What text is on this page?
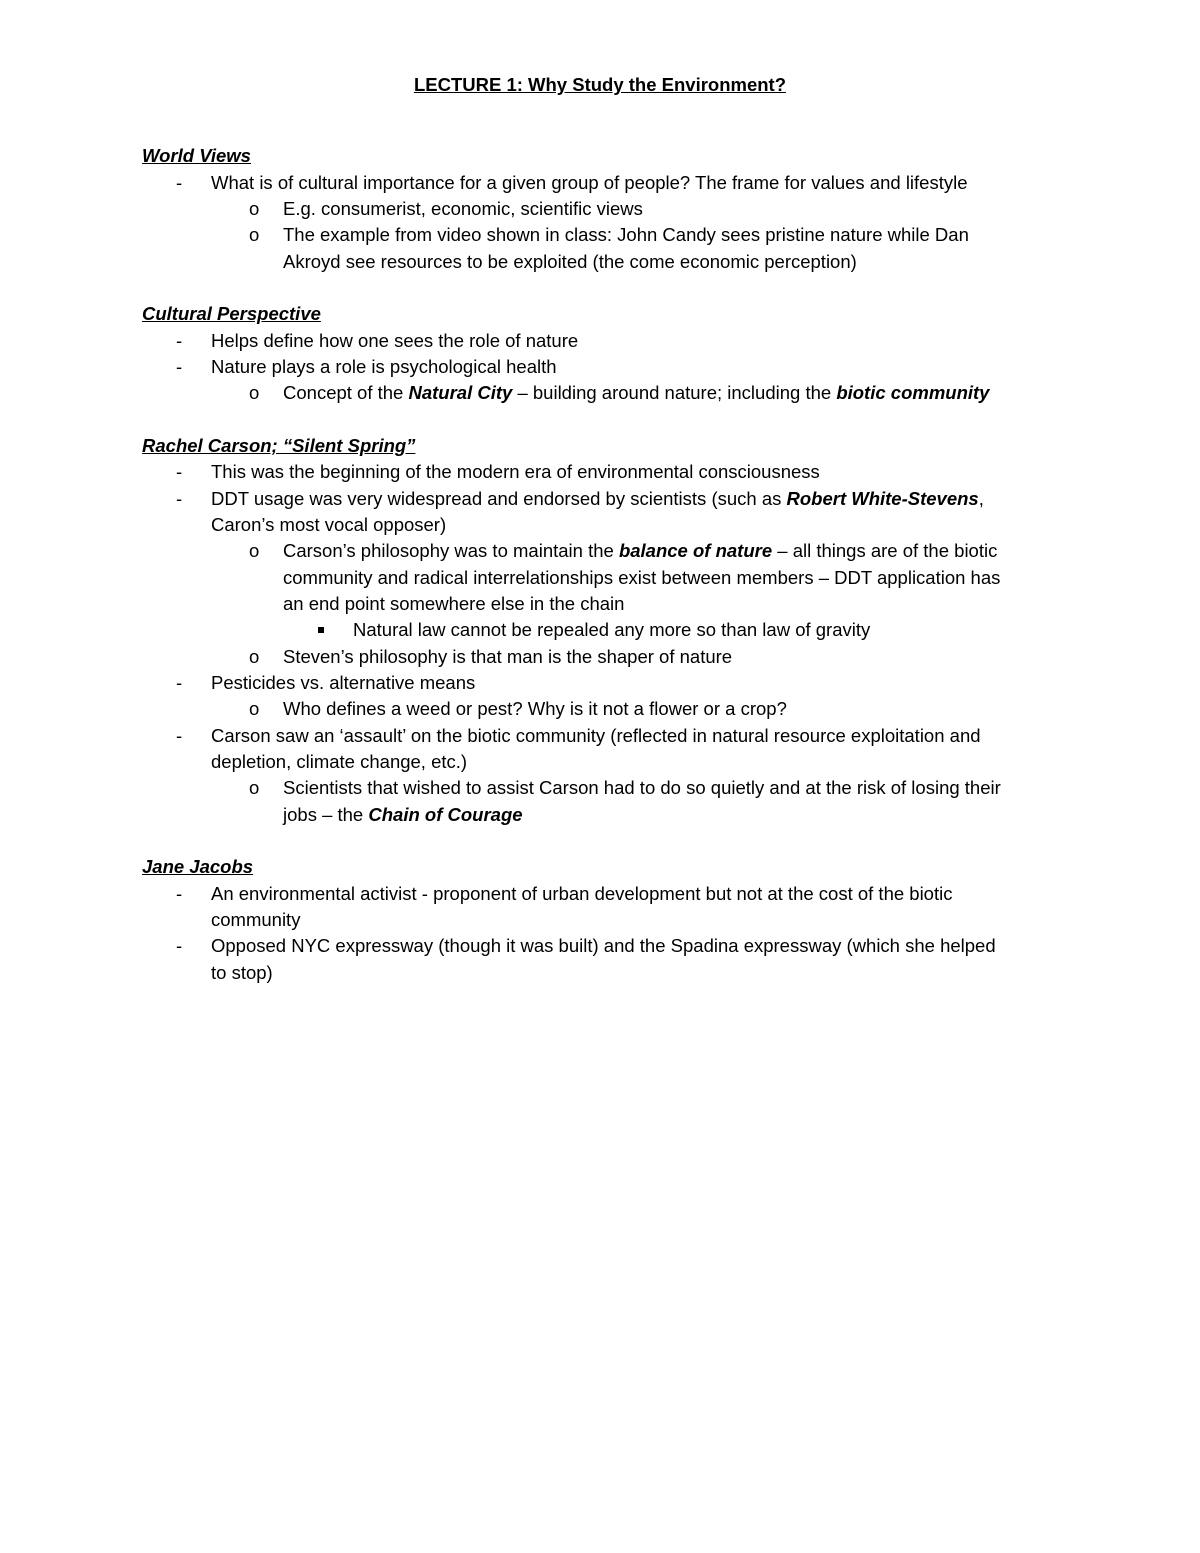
LECTURE 1: Why Study the Environment?
World Views
- What is of cultural importance for a given group of people? The frame for values and lifestyle
o E.g. consumerist, economic, scientific views
o The example from video shown in class: John Candy sees pristine nature while Dan
Akroyd see resources to be exploited (the come economic perception)
Cultural Perspective
- Helps define how one sees the role of nature
- Nature plays a role is psychological health
o Concept of the Natural City – building around nature; including the biotic community
Rachel Carson; “Silent Spring”
- This was the beginning of the modern era of environmental consciousness
- DDT usage was very widespread and endorsed by scientists (such as Robert White-Stevens,
Caron’s most vocal opposer)
o Carson’s philosophy was to maintain the balance of nature – all things are of the biotic
community and radical interrelationships exist between members – DDT application has
an end point somewhere else in the chain
Natural law cannot be repealed any more so than law of gravity
o Steven’s philosophy is that man is the shaper of nature
- Pesticides vs. alternative means
o Who defines a weed or pest? Why is it not a flower or a crop?
- Carson saw an ‘assault’ on the biotic community (reflected in natural resource exploitation and
depletion, climate change, etc.)
o Scientists that wished to assist Carson had to do so quietly and at the risk of losing their
jobs – the Chain of Courage
Jane Jacobs
- An environmental activist - proponent of urban development but not at the cost of the biotic
community
- Opposed NYC expressway (though it was built) and the Spadina expressway (which she helped
to stop)
